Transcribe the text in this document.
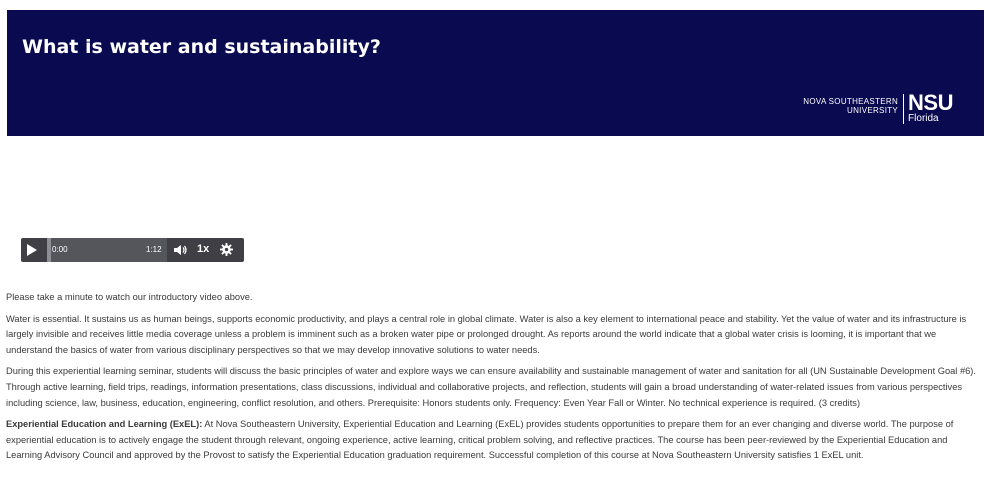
What is water and sustainability?
NOVA SOUTHEASTERN
UNIVERSITY NSU
Florida
0:00	1:12	1x

Please take a minute to watch our introductory video above.

Water is essential. It sustains us as human beings, supports economic productivity, and plays a central role in global climate. Water is also a key element to international peace and stability. Yet the value of water and its infrastructure is largely invisible and receives little media coverage unless a problem is imminent such as a broken water pipe or prolonged drought. As reports around the world indicate that a global water crisis is looming, it is important that we understand the basics of water from various disciplinary perspectives so that we may develop innovative solutions to water needs.

During this experiential learning seminar, students will discuss the basic principles of water and explore ways we can ensure availability and sustainable management of water and sanitation for all (UN Sustainable Development Goal #6). Through active learning, field trips, readings, information presentations, class discussions, individual and collaborative projects, and reflection, students will gain a broad understanding of water-related issues from various perspectives including science, law, business, education, engineering, conflict resolution, and others. Prerequisite: Honors students only. Frequency: Even Year Fall or Winter. No technical experience is required. (3 credits)

Experiential Education and Learning (ExEL): At Nova Southeastern University, Experiential Education and Learning (ExEL) provides students opportunities to prepare them for an ever changing and diverse world. The purpose of experiential education is to actively engage the student through relevant, ongoing experience, active learning, critical problem solving, and reflective practices. The course has been peer-reviewed by the Experiential Education and Learning Advisory Council and approved by the Provost to satisfy the Experiential Education graduation requirement. Successful completion of this course at Nova Southeastern University satisfies 1 ExEL unit.
